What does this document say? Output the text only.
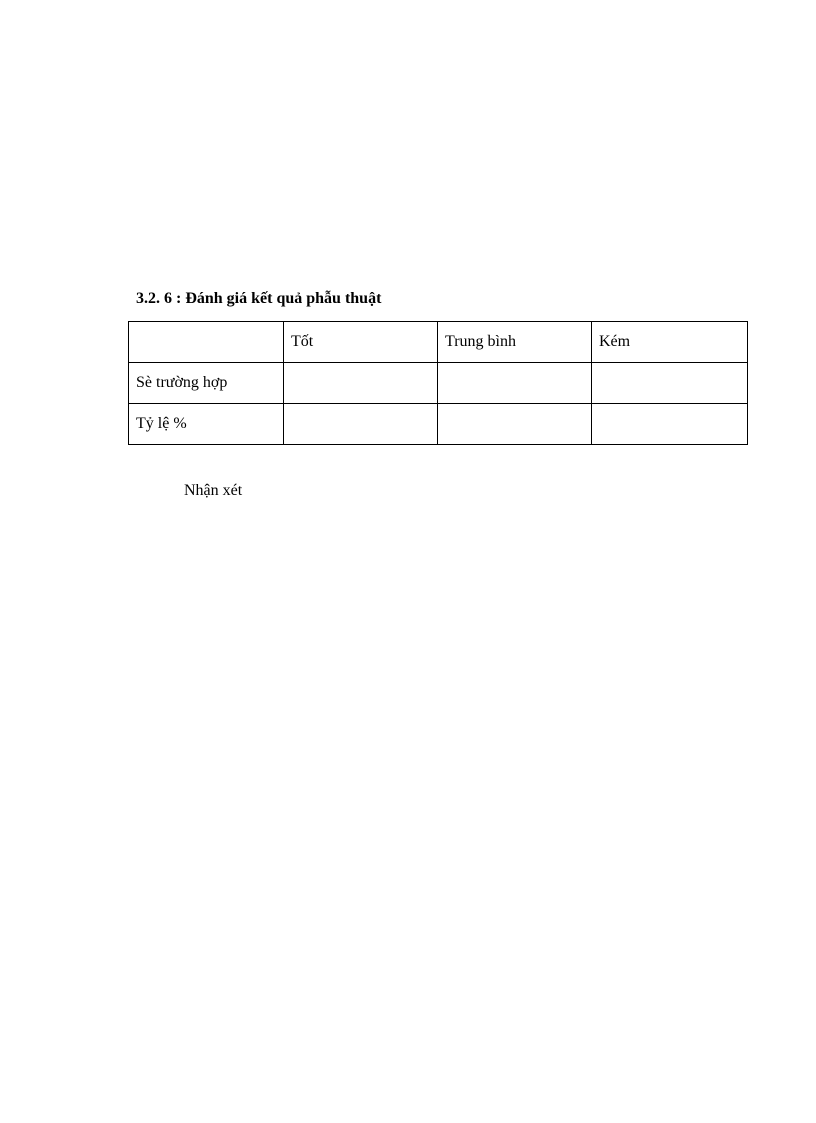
3.2. 6 : Đánh giá kết quả phẫu thuật
	Tốt	Trung bình	Kém
Sè trường hợp			
Tỷ lệ %			
Nhận xét
